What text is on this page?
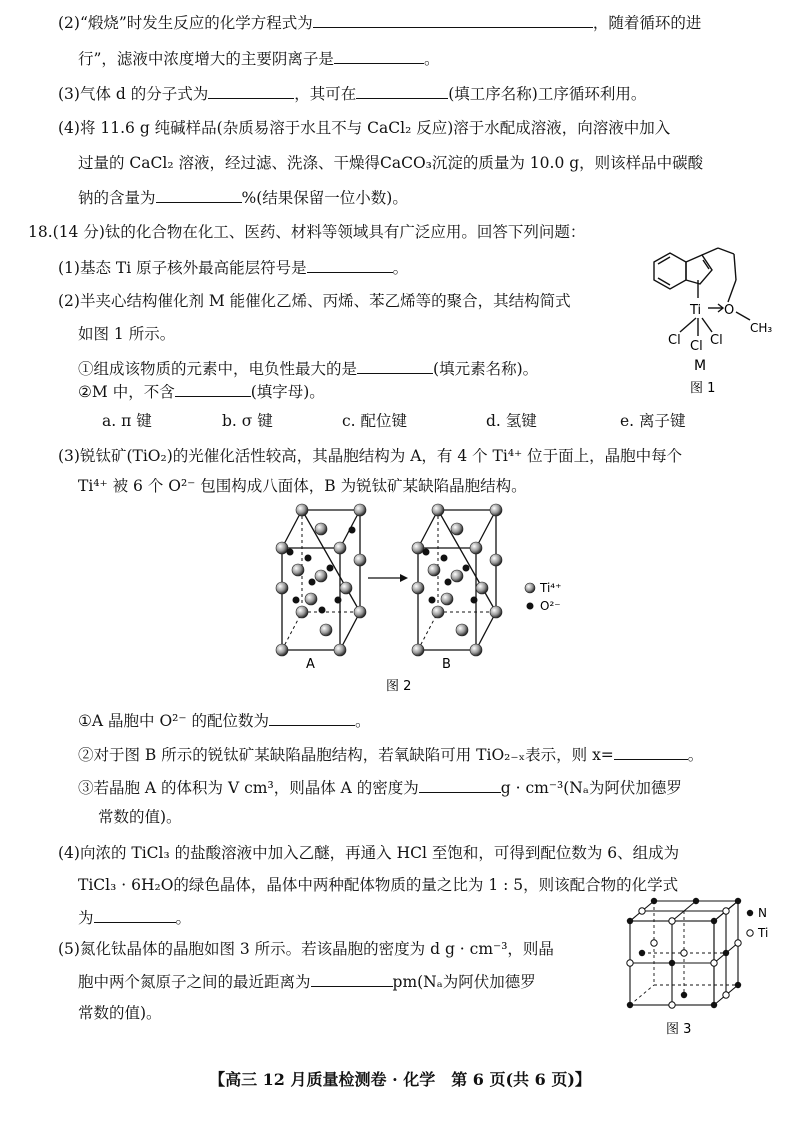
(2)“煅烧”时发生反应的化学方程式为	，随着循环的进
行”，滤液中浓度增大的主要阴离子是	。
(3)气体 d 的分子式为	，其可在	(填工序名称)工序循环利用。
(4)将 11.6 g 纯碱样品(杂质易溶于水且不与 CaCl₂ 反应)溶于水配成溶液，向溶液中加入
过量的 CaCl₂ 溶液，经过滤、洗涤、干燥得CaCO₃沉淀的质量为 10.0 g，则该样品中碳酸
钠的含量为	%(结果保留一位小数)。
18.(14 分)钛的化合物在化工、医药、材料等领域具有广泛应用。回答下列问题：
(1)基态 Ti 原子核外最高能层符号是	。
(2)半夹心结构催化剂 M 能催化乙烯、丙烯、苯乙烯等的聚合，其结构简式
如图 1 所示。
①组成该物质的元素中，电负性最大的是	(填元素名称)。
②M 中，不含	(填字母)。
a. π 键	b. σ 键	c. 配位键	d. 氢键	e. 离子键
Ti O
CH₃
Cl Cl Cl
M
图 1
(3)锐钛矿(TiO₂)的光催化活性较高，其晶胞结构为 A，有 4 个 Ti⁴⁺ 位于面上，晶胞中每个
Ti⁴⁺ 被 6 个 O²⁻ 包围构成八面体，B 为锐钛矿某缺陷晶胞结构。
A	B
Ti⁴⁺
O²⁻
图 2
①A 晶胞中 O²⁻ 的配位数为	。
②对于图 B 所示的锐钛矿某缺陷晶胞结构，若氧缺陷可用 TiO₂₋ₓ表示，则 x=	。
③若晶胞 A 的体积为 V cm³，则晶体 A 的密度为	g · cm⁻³(Nₐ为阿伏加德罗
常数的值)。
(4)向浓的 TiCl₃ 的盐酸溶液中加入乙醚，再通入 HCl 至饱和，可得到配位数为 6、组成为
TiCl₃ · 6H₂O的绿色晶体，晶体中两种配体物质的量之比为 1 : 5，则该配合物的化学式
为	。
(5)氮化钛晶体的晶胞如图 3 所示。若该晶胞的密度为 d g · cm⁻³，则晶
胞中两个氮原子之间的最近距离为	pm(Nₐ为阿伏加德罗
常数的值)。
N
Ti
图 3
【高三 12 月质量检测卷 · 化学　第 6 页(共 6 页)】
